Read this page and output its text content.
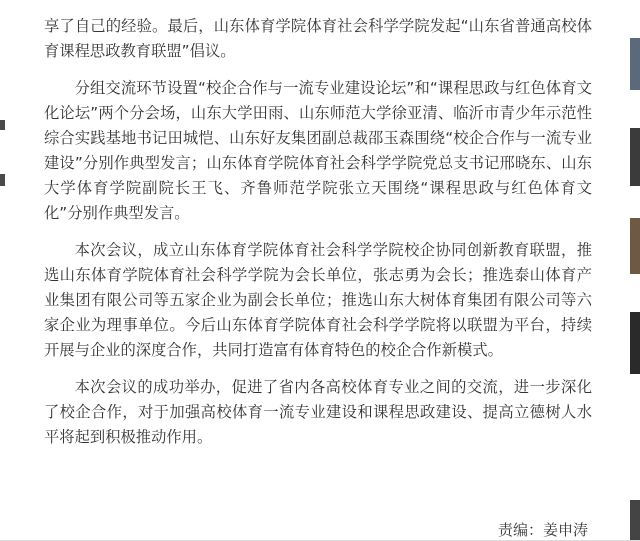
享了自己的经验。最后，山东体育学院体育社会科学学院发起“山东省普通高校体育课程思政教育联盟”倡议。

分组交流环节设置“校企合作与一流专业建设论坛”和“课程思政与红色体育文化论坛”两个分会场，山东大学田雨、山东师范大学徐亚清、临沂市青少年示范性综合实践基地书记田城恺、山东好友集团副总裁邵玉森围绕“校企合作与一流专业建设”分别作典型发言；山东体育学院体育社会科学学院党总支书记邢晓东、山东大学体育学院副院长王飞、齐鲁师范学院张立天围绕“课程思政与红色体育文化”分别作典型发言。

本次会议，成立山东体育学院体育社会科学学院校企协同创新教育联盟，推选山东体育学院体育社会科学学院为会长单位，张志勇为会长；推选泰山体育产业集团有限公司等五家企业为副会长单位；推选山东大树体育集团有限公司等六家企业为理事单位。今后山东体育学院体育社会科学学院将以联盟为平台，持续开展与企业的深度合作，共同打造富有体育特色的校企合作新模式。

本次会议的成功举办，促进了省内各高校体育专业之间的交流，进一步深化了校企合作，对于加强高校体育一流专业建设和课程思政建设、提高立德树人水平将起到积极推动作用。

责编：姜申涛
